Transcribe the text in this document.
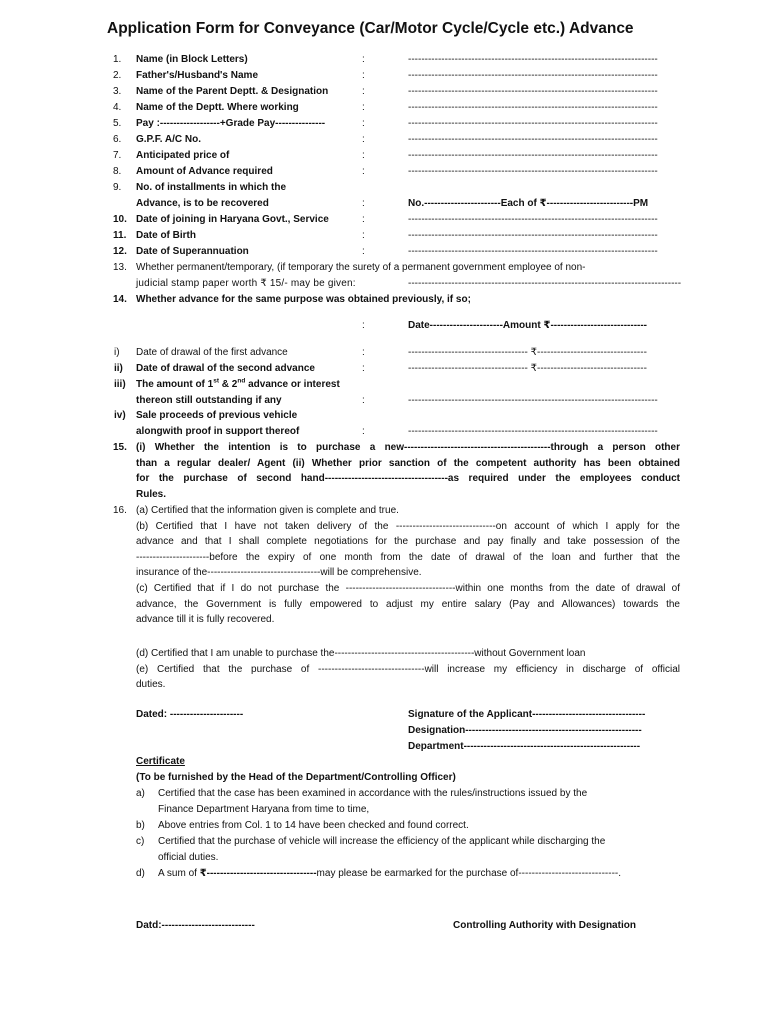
Application Form for Conveyance (Car/Motor Cycle/Cycle etc.) Advance
1.	Name (in Block Letters)	:	---------------------------------------------------------------------------
2.	Father's/Husband's Name	:	---------------------------------------------------------------------------
3.	Name of the Parent Deptt. & Designation	:	---------------------------------------------------------------------------
4.	Name of the Deptt. Where working	:	---------------------------------------------------------------------------
5.	Pay :------------------+Grade Pay---------------	:	---------------------------------------------------------------------------
6.	G.P.F. A/C No.	:	---------------------------------------------------------------------------
7.	Anticipated price of	:	---------------------------------------------------------------------------
8.	Amount of Advance required	:	---------------------------------------------------------------------------
9.	No. of installments in which the
Advance, is to be recovered	:	No.-----------------------Each of ₹--------------------------PM
10. Date of joining in Haryana Govt., Service	:	---------------------------------------------------------------------------
11. Date of Birth	:	---------------------------------------------------------------------------
12. Date of Superannuation	:	---------------------------------------------------------------------------
13. Whether permanent/temporary, (if temporary the surety of a permanent government employee of non-
judicial stamp paper worth ₹ 15/- may be given:	----------------------------------------------------------------------------------
14. Whether advance for the same purpose was obtained previously, if so;
:	Date----------------------Amount ₹-----------------------------
i)	Date of drawal of the first advance	:	------------------------------------ ₹---------------------------------
ii)	Date of drawal of the second advance	:	------------------------------------ ₹---------------------------------
iii)	The amount of 1st & 2nd advance or interest
thereon still outstanding if any	:	---------------------------------------------------------------------------
iv)	Sale proceeds of previous vehicle
alongwith proof in support thereof	:	---------------------------------------------------------------------------
15. (i) Whether the intention is to purchase a new--------------------------------------------through a person other
than a regular dealer/ Agent (ii) Whether prior sanction of the competent authority has been obtained
for the purchase of second hand-------------------------------------as required under the employees conduct
Rules.
16. (a) Certified that the information given is complete and true.
(b) Certified that I have not taken delivery of the ------------------------------on account of which I apply for the
advance and that I shall complete negotiations for the purchase and pay finally and take possession of the
----------------------before the expiry of one month from the date of drawal of the loan and further that the
insurance of the----------------------------------will be comprehensive.
(c) Certified that if I do not purchase the ---------------------------------within one months from the date of drawal of
advance, the Government is fully empowered to adjust my entire salary (Pay and Allowances) towards the
advance till it is fully recovered.
(d) Certified that I am unable to purchase the------------------------------------------without Government loan
(e) Certified that the purchase of --------------------------------will increase my efficiency in discharge of official
duties.
Dated: ----------------------	Signature of the Applicant----------------------------------
Designation-----------------------------------------------------
Department-----------------------------------------------------
Certificate
(To be furnished by the Head of the Department/Controlling Officer)
a) Certified that the case has been examined in accordance with the rules/instructions issued by the
Finance Department Haryana from time to time,
b) Above entries from Col. 1 to 14 have been checked and found correct.
c) Certified that the purchase of vehicle will increase the efficiency of the applicant while discharging the
official duties.
d) A sum of ₹---------------------------------may please be earmarked for the purchase of------------------------------.
Datd:----------------------------	Controlling Authority with Designation
